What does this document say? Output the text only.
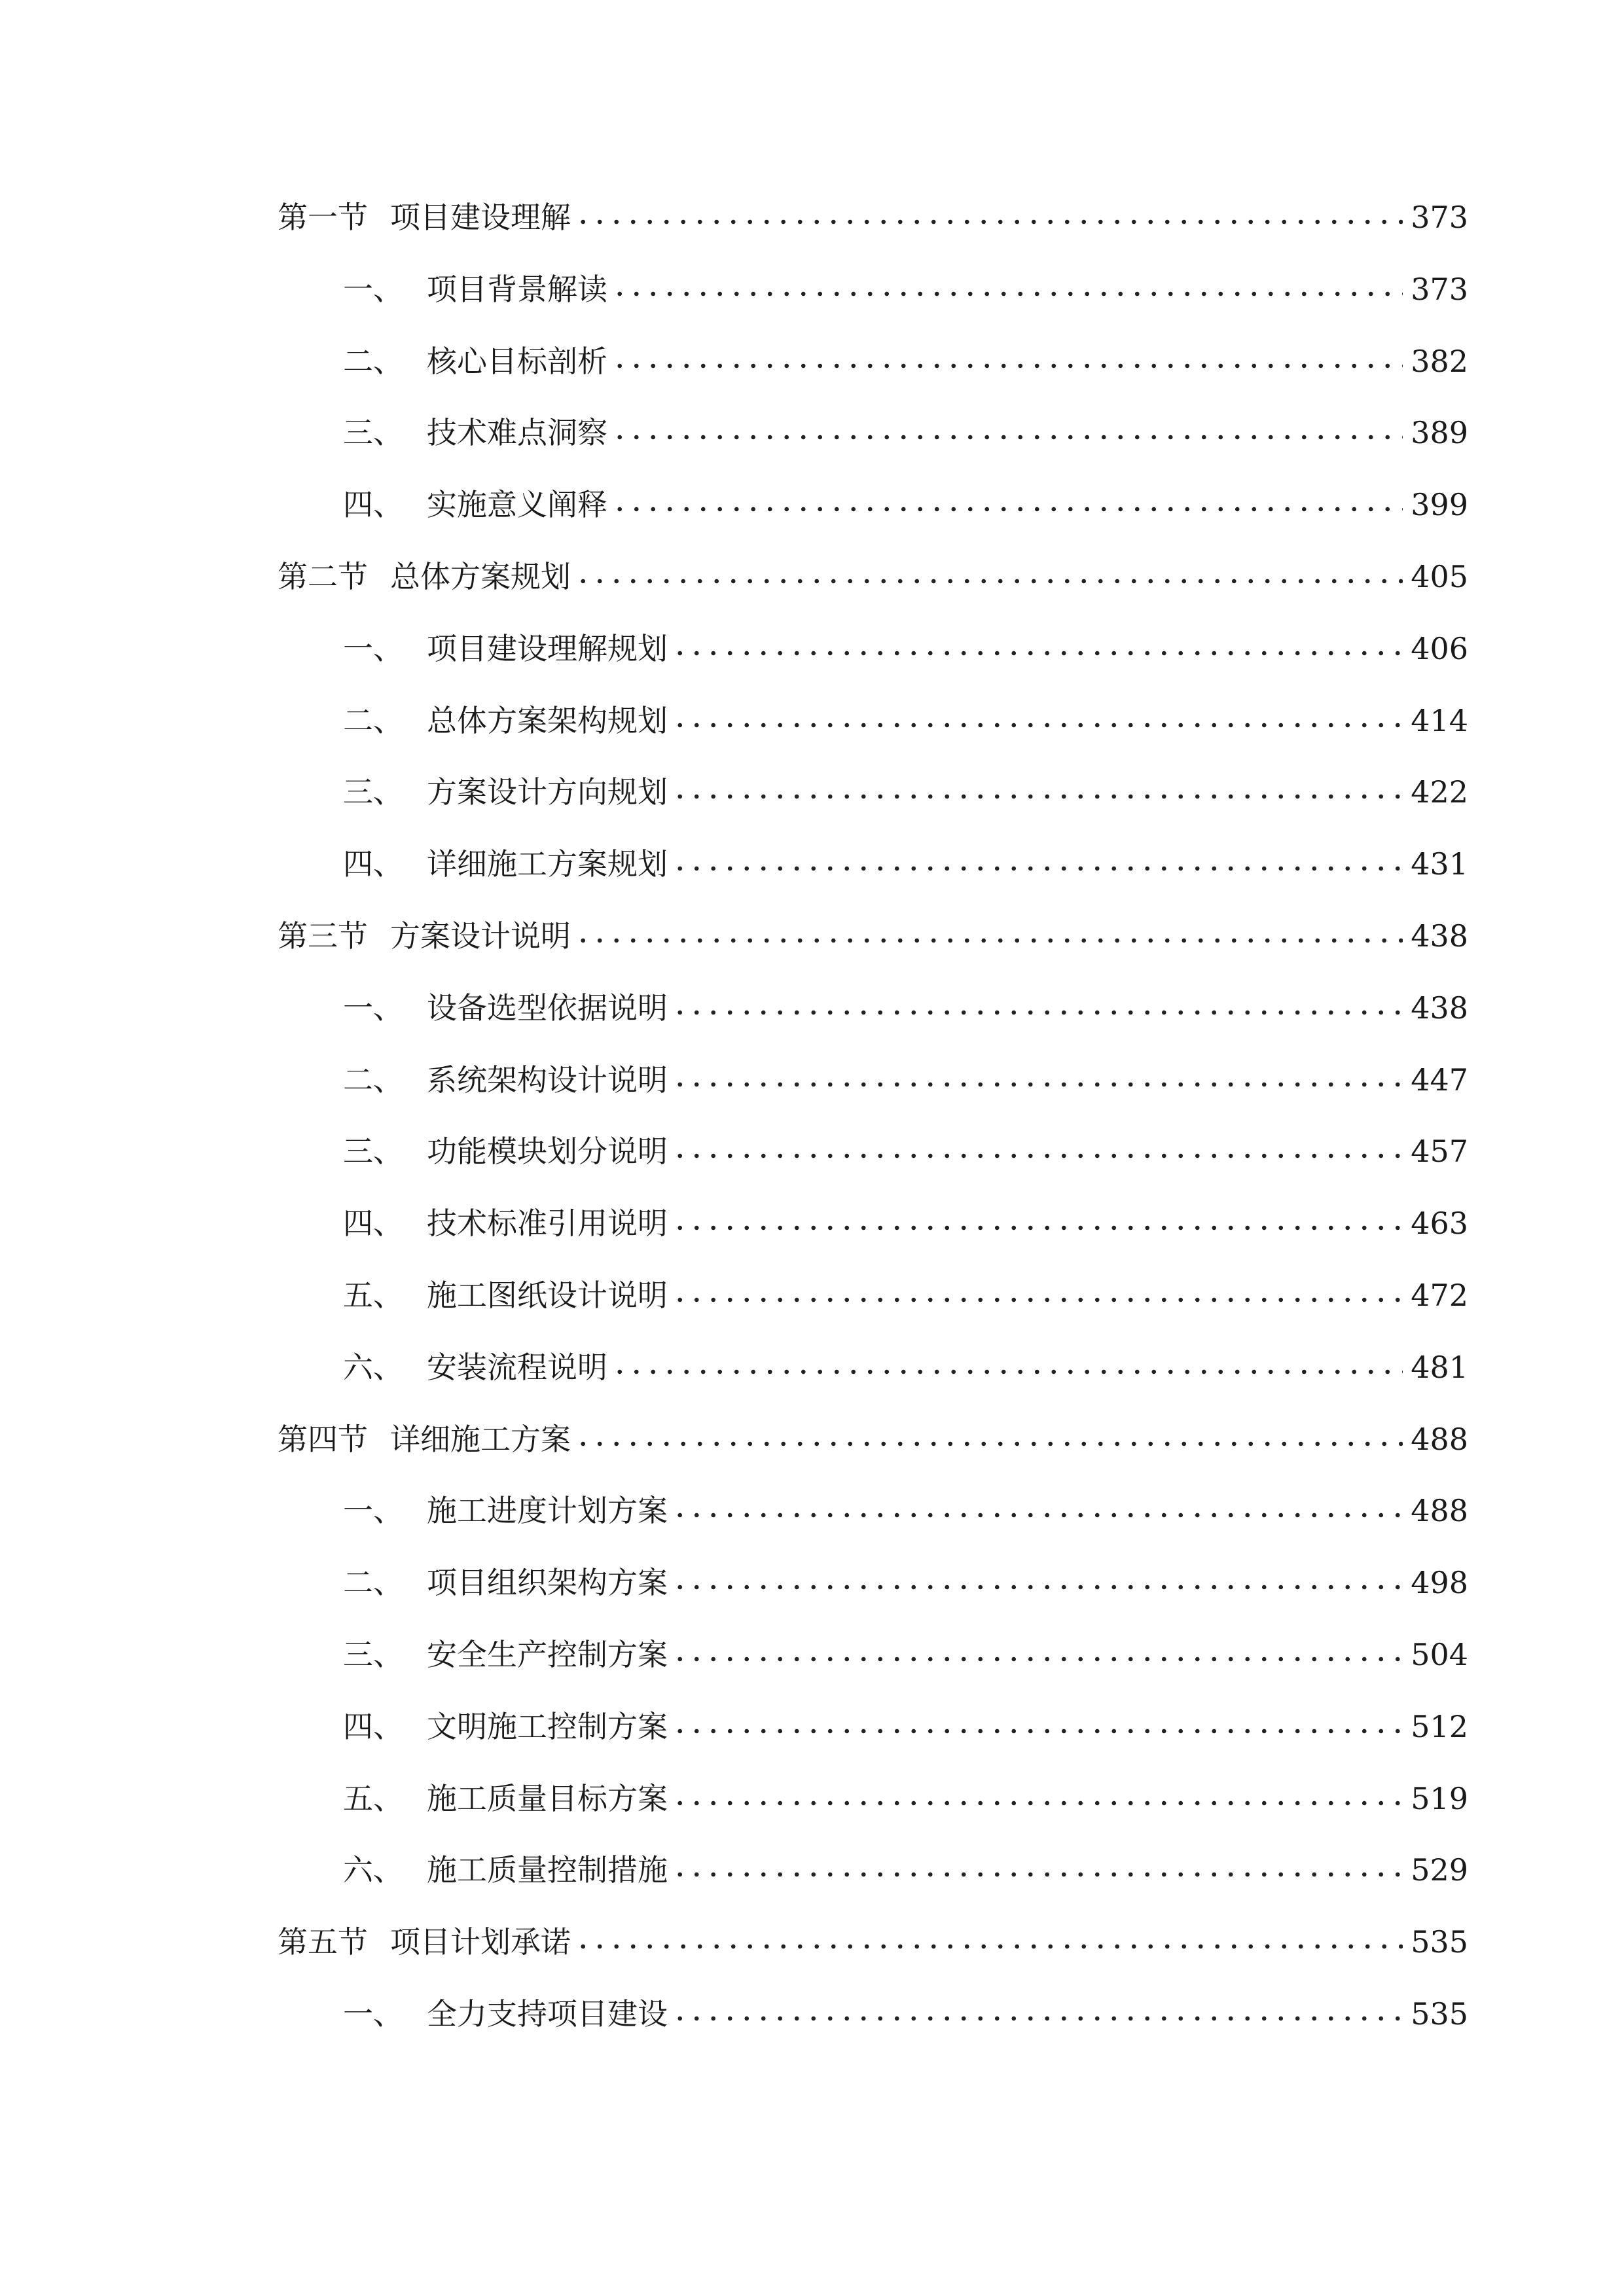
第一节 项目建设理解	373
一、 项目背景解读	373
二、 核心目标剖析	382
三、 技术难点洞察	389
四、 实施意义阐释	399
第二节 总体方案规划	405
一、 项目建设理解规划	406
二、 总体方案架构规划	414
三、 方案设计方向规划	422
四、 详细施工方案规划	431
第三节 方案设计说明	438
一、 设备选型依据说明	438
二、 系统架构设计说明	447
三、 功能模块划分说明	457
四、 技术标准引用说明	463
五、 施工图纸设计说明	472
六、 安装流程说明	481
第四节 详细施工方案	488
一、 施工进度计划方案	488
二、 项目组织架构方案	498
三、 安全生产控制方案	504
四、 文明施工控制方案	512
五、 施工质量目标方案	519
六、 施工质量控制措施	529
第五节 项目计划承诺	535
一、 全力支持项目建设	535
